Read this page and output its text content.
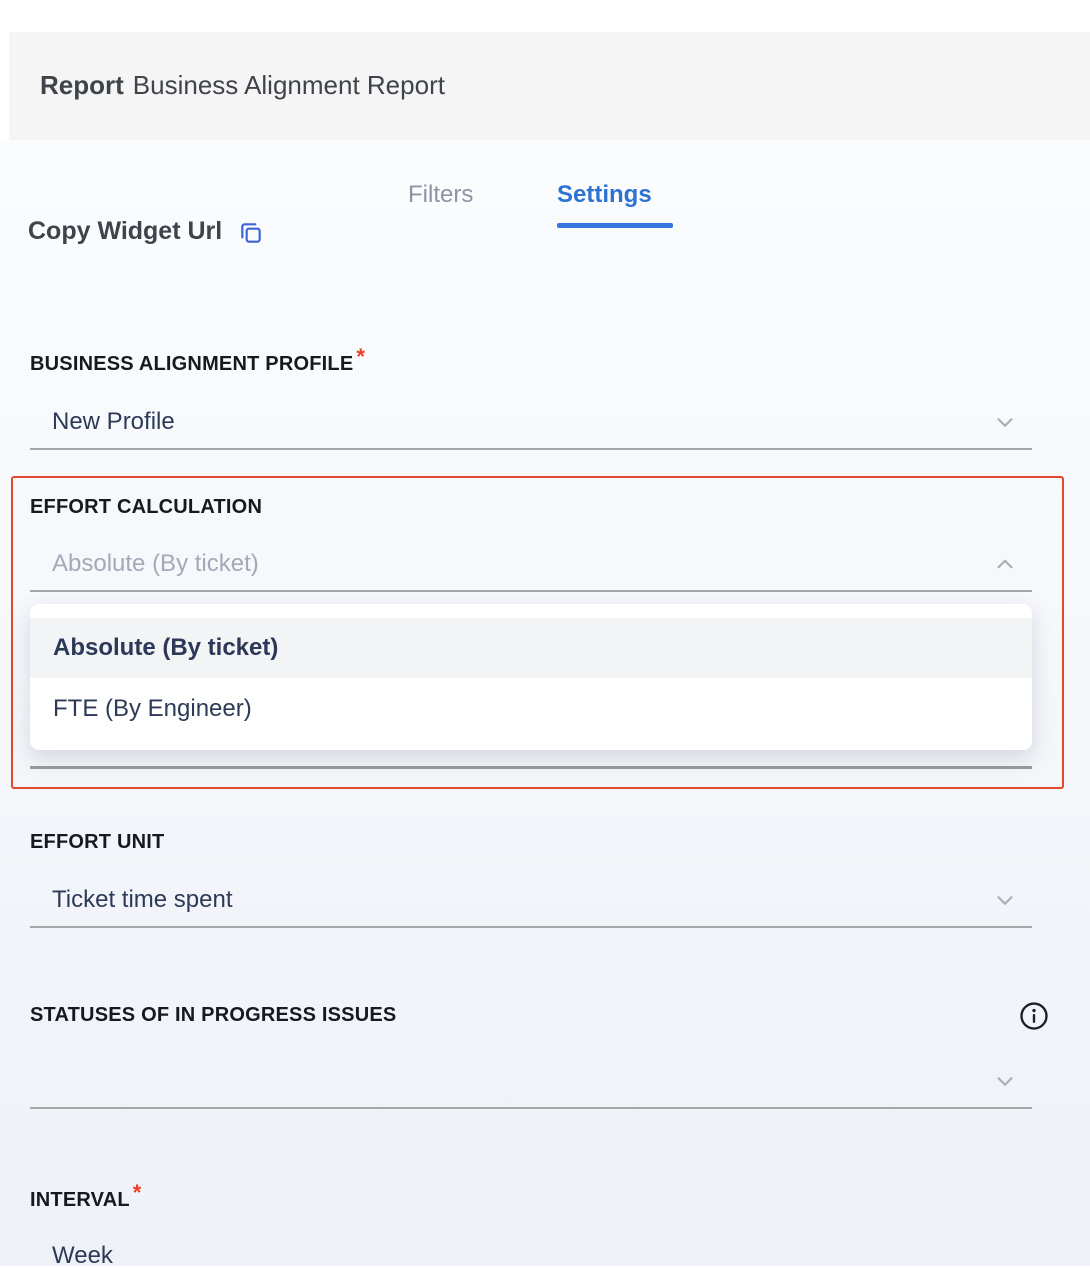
Report Business Alignment Report
Filters	Settings
Copy Widget Url
BUSINESS ALIGNMENT PROFILE *
New Profile
EFFORT CALCULATION
Absolute (By ticket)
Absolute (By ticket)
FTE (By Engineer)
EFFORT UNIT
Ticket time spent
STATUSES OF IN PROGRESS ISSUES
INTERVAL *
Week
